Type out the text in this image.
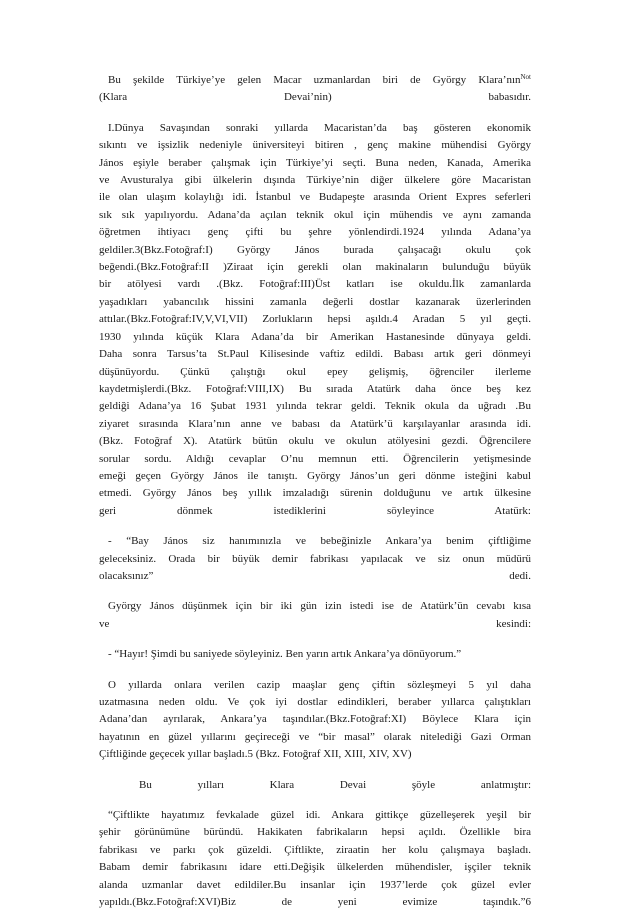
Bu şekilde Türkiye’ye gelen Macar uzmanlardan biri de György Klara’nın$^{Not}$
(Klara Devai’nin) babasıdır.

I.Dünya Savaşından sonraki yıllarda Macaristan’da baş gösteren ekonomik
sıkıntı ve işsizlik nedeniyle üniversiteyi bitiren , genç makine mühendisi György
János eşiyle beraber çalışmak için Türkiye’yi seçti. Buna neden, Kanada, Amerika
ve Avusturalya gibi ülkelerin dışında Türkiye’nin diğer ülkelere göre Macaristan
ile olan ulaşım kolaylığı idi. İstanbul ve Budapeşte arasında Orient Expres seferleri
sık sık yapılıyordu. Adana’da açılan teknik okul için mühendis ve aynı zamanda
öğretmen ihtiyacı genç çifti bu şehre yönlendirdi.1924 yılında Adana’ya
geldiler.3(Bkz.Fotoğraf:I) György János burada çalışacağı okulu çok
beğendi.(Bkz.Fotoğraf:II )Ziraat için gerekli olan makinaların bulunduğu büyük
bir atölyesi vardı .(Bkz. Fotoğraf:III)Üst katları ise okuldu.İlk zamanlarda
yaşadıkları yabancılık hissini zamanla değerli dostlar kazanarak üzerlerinden
attılar.(Bkz.Fotoğraf:IV,V,VI,VII) Zorlukların hepsi aşıldı.4 Aradan 5 yıl geçti.
1930 yılında küçük Klara Adana’da bir Amerikan Hastanesinde dünyaya geldi.
Daha sonra Tarsus’ta St.Paul Kilisesinde vaftiz edildi. Babası artık geri dönmeyi
düşünüyordu. Çünkü çalıştığı okul epey gelişmiş, öğrenciler ilerleme
kaydetmişlerdi.(Bkz. Fotoğraf:VIII,IX) Bu sırada Atatürk daha önce beş kez
geldiği Adana’ya 16 Şubat 1931 yılında tekrar geldi. Teknik okula da uğradı .Bu
ziyaret sırasında Klara’nın anne ve babası da Atatürk’ü karşılayanlar arasında idi.
(Bkz. Fotoğraf X). Atatürk bütün okulu ve okulun atölyesini gezdi. Öğrencilere
sorular sordu. Aldığı cevaplar O’nu memnun etti. Öğrencilerin yetişmesinde
emeği geçen György János ile tanıştı. György János’un geri dönme isteğini kabul
etmedi. György János beş yıllık imzaladığı sürenin dolduğunu ve artık ülkesine
geri dönmek istediklerini söyleyince Atatürk:

- “Bay János siz hanımınızla ve bebeğinizle Ankara’ya benim çiftliğime
geleceksiniz. Orada bir büyük demir fabrikası yapılacak ve siz onun müdürü
olacaksınız” dedi.

György János düşünmek için bir iki gün izin istedi ise de Atatürk’ün cevabı kısa
ve kesindi:

- “Hayır! Şimdi bu saniyede söyleyiniz. Ben yarın artık Ankara’ya dönüyorum.”

O yıllarda onlara verilen cazip maaşlar genç çiftin sözleşmeyi 5 yıl daha
uzatmasına neden oldu. Ve çok iyi dostlar edindikleri, beraber yıllarca çalıştıkları
Adana’dan ayrılarak, Ankara’ya taşındılar.(Bkz.Fotoğraf:XI) Böylece Klara için
hayatının en güzel yıllarını geçireceği ve “bir masal” olarak nitelediği Gazi Orman
Çiftliğinde geçecek yıllar başladı.5 (Bkz. Fotoğraf XII, XIII, XIV, XV)

Bu yılları Klara Devai şöyle anlatmıştır:

“Çiftlikte hayatımız fevkalade güzel idi. Ankara gittikçe güzelleşerek yeşil bir
şehir görünümüne büründü. Hakikaten fabrikaların hepsi açıldı. Özellikle bira
fabrikası ve parkı çok güzeldi. Çiftlikte, ziraatin her kolu çalışmaya başladı.
Babam demir fabrikasını idare etti.Değişik ülkelerden mühendisler, işçiler teknik
alanda uzmanlar davet edildiler.Bu insanlar için 1937’lerde çok güzel evler
yapıldı.(Bkz.Fotoğraf:XVI)Biz de yeni evimize taşındık.”6
